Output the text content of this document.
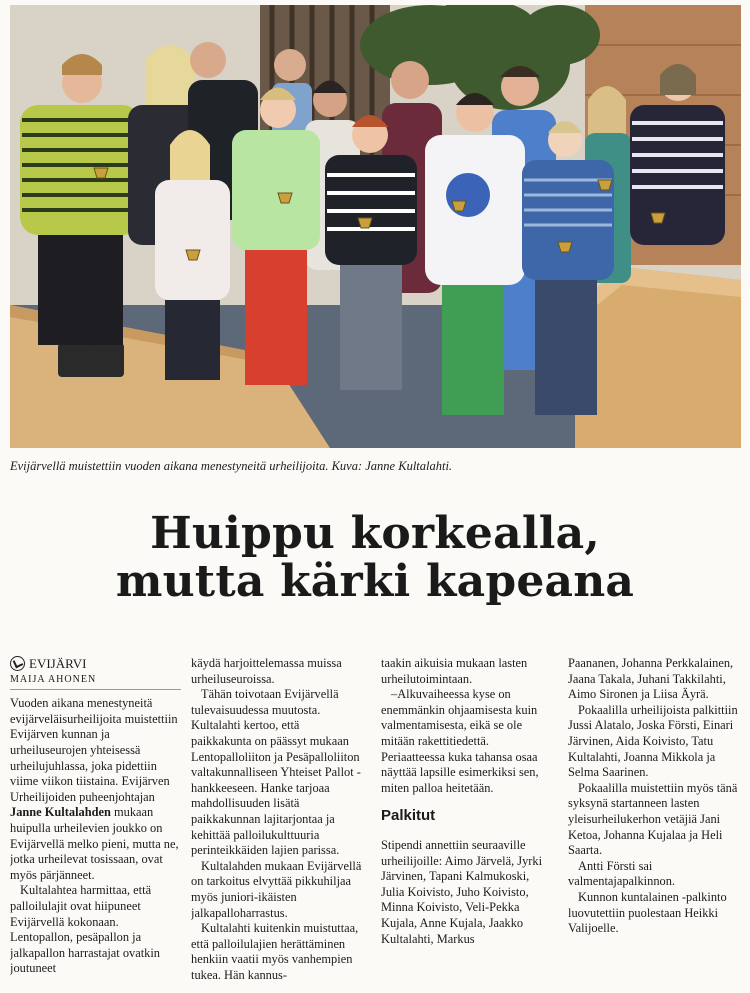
Evijärvellä muistettiin vuoden aikana menestyneitä urheilijoita. Kuva: Janne Kultalahti.
Huippu korkealla,
mutta kärki kapeana
EVIJÄRVI
MAIJA AHONEN

Vuoden aikana menestyneitä evijärveläisurheilijoita muistettiin Evijärven kunnan ja urheiluseurojen yhteisessä urheilujuhlassa, joka pidettiin viime viikon tiistaina. Evijärven Urheilijoiden puheenjohtajan Janne Kultalahden mukaan huipulla urheilevien joukko on Evijärvellä melko pieni, mutta ne, jotka urheilevat tosissaan, ovat myös pärjänneet.

Kultalahtea harmittaa, että palloilulajit ovat hiipuneet Evijärvellä kokonaan. Lentopallon, pesäpallon ja jalkapallon harrastajat ovatkin joutuneet

käydä harjoittelemassa muissa urheiluseuroissa.

Tähän toivotaan Evijärvellä tulevaisuudessa muutosta. Kultalahti kertoo, että paikkakunta on päässyt mukaan Lentopalloliiton ja Pesäpalloliiton valtakunnalliseen Yhteiset Pallot -hankkeeseen. Hanke tarjoaa mahdollisuuden lisätä paikkakunnan lajitarjontaa ja kehittää palloilukulttuuria perinteikkäiden lajien parissa.

Kultalahden mukaan Evijärvellä on tarkoitus elvyttää pikkuhiljaa myös juniori-ikäisten jalkapalloharrastus.

Kultalahti kuitenkin muistuttaa, että palloilulajien herättäminen henkiin vaatii myös vanhempien tukea. Hän kannus-

taakin aikuisia mukaan lasten urheilutoimintaan.

–Alkuvaiheessa kyse on enemmänkin ohjaamisesta kuin valmentamisesta, eikä se ole mitään rakettitiedettä. Periaatteessa kuka tahansa osaa näyttää lapsille esimerkiksi sen, miten palloa heitetään.

Palkitut

Stipendi annettiin seuraaville urheilijoille: Aimo Järvelä, Jyrki Järvinen, Tapani Kalmukoski, Julia Koivisto, Juho Koivisto, Minna Koivisto, Veli-Pekka Kujala, Anne Kujala, Jaakko Kultalahti, Markus

Paananen, Johanna Perkkalainen, Jaana Takala, Juhani Takkilahti, Aimo Sironen ja Liisa Äyrä.

Pokaalilla urheilijoista palkittiin Jussi Alatalo, Joska Försti, Einari Järvinen, Aida Koivisto, Tatu Kultalahti, Joanna Mikkola ja Selma Saarinen.

Pokaalilla muistettiin myös tänä syksynä startanneen lasten yleisurheilukerhon vetäjiä Jani Ketoa, Johanna Kujalaa ja Heli Saarta.

Antti Försti sai valmentajapalkinnon.

Kunnon kuntalainen -palkinto luovutettiin puolestaan Heikki Valijoelle.
